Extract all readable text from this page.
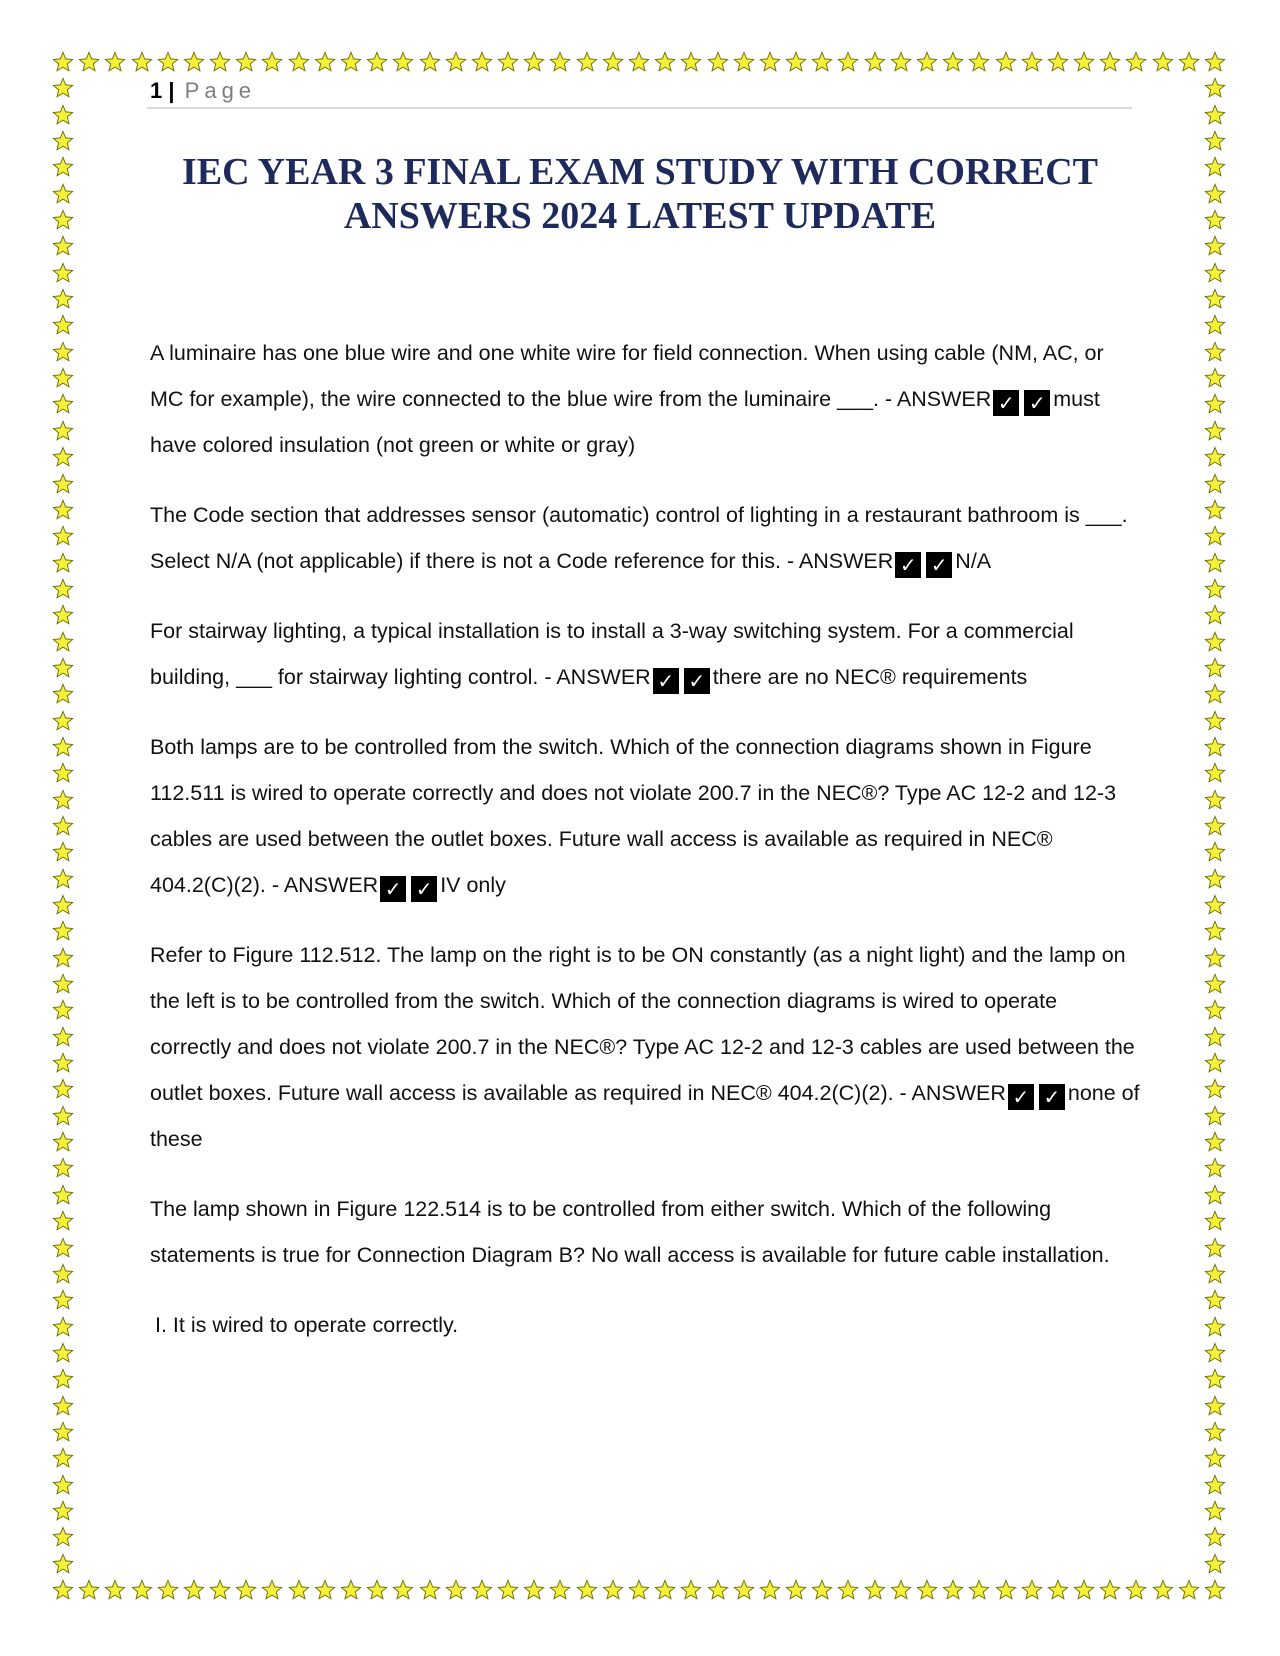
1 | Page
IEC YEAR 3 FINAL EXAM STUDY WITH CORRECT
ANSWERS 2024 LATEST UPDATE

A luminaire has one blue wire and one white wire for field connection. When using cable (NM, AC, or MC for example), the wire connected to the blue wire from the luminaire ___. - ANSWER ✓ ✓ must have colored insulation (not green or white or gray)

The Code section that addresses sensor (automatic) control of lighting in a restaurant bathroom is ___. Select N/A (not applicable) if there is not a Code reference for this. - ANSWER ✓ ✓ N/A

For stairway lighting, a typical installation is to install a 3-way switching system. For a commercial building, ___ for stairway lighting control. - ANSWER ✓ ✓ there are no NEC® requirements

Both lamps are to be controlled from the switch. Which of the connection diagrams shown in Figure 112.511 is wired to operate correctly and does not violate 200.7 in the NEC®? Type AC 12-2 and 12-3 cables are used between the outlet boxes. Future wall access is available as required in NEC® 404.2(C)(2). - ANSWER ✓ ✓ IV only

Refer to Figure 112.512. The lamp on the right is to be ON constantly (as a night light) and the lamp on the left is to be controlled from the switch. Which of the connection diagrams is wired to operate correctly and does not violate 200.7 in the NEC®? Type AC 12-2 and 12-3 cables are used between the outlet boxes. Future wall access is available as required in NEC® 404.2(C)(2). - ANSWER ✓ ✓ none of these

The lamp shown in Figure 122.514 is to be controlled from either switch. Which of the following statements is true for Connection Diagram B? No wall access is available for future cable installation.

I. It is wired to operate correctly.
